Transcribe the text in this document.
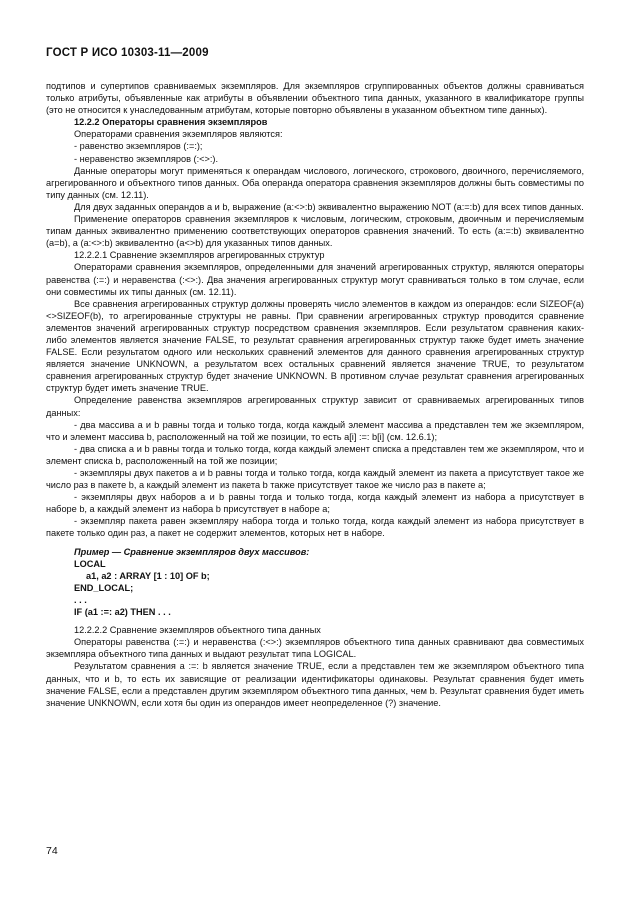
ГОСТ Р ИСО 10303-11—2009

подтипов и супертипов сравниваемых экземпляров. Для экземпляров сгруппированных объектов должны сравниваться только атрибуты, объявленные как атрибуты в объявлении объектного типа данных, указанного в квалификаторе группы (это не относится к унаследованным атрибутам, которые повторно объявлены в указанном объектном типе данных).

12.2.2 Операторы сравнения экземпляров

Операторами сравнения экземпляров являются:

- равенство экземпляров (:=:);

- неравенство экземпляров (:<>:).

Данные операторы могут применяться к операндам числового, логического, строкового, двоичного, перечисляемого, агрегированного и объектного типов данных. Оба операнда оператора сравнения экземпляров должны быть совместимы по типу данных (см. 12.11).

Для двух заданных операндов a и b, выражение (a:<>:b) эквивалентно выражению NOT (a:=:b) для всех типов данных.

Применение операторов сравнения экземпляров к числовым, логическим, строковым, двоичным и перечисляемым типам данных эквивалентно применению соответствующих операторов сравнения значений. То есть (a:=:b) эквивалентно (a=b), а (a:<>:b) эквивалентно (a<>b) для указанных типов данных.

12.2.2.1 Сравнение экземпляров агрегированных структур

Операторами сравнения экземпляров, определенными для значений агрегированных структур, являются операторы равенства (:=:) и неравенства (:<>:). Два значения агрегированных структур могут сравниваться только в том случае, если они совместимы их типы данных (см. 12.11).

Все сравнения агрегированных структур должны проверять число элементов в каждом из операндов: если SIZEOF(a)<>SIZEOF(b), то агрегированные структуры не равны. При сравнении агрегированных структур проводится сравнение элементов значений агрегированных структур посредством сравнения экземпляров. Если результатом сравнения каких-либо элементов является значение FALSE, то результат сравнения агрегированных структур также будет иметь значение FALSE. Если результатом одного или нескольких сравнений элементов для данного сравнения агрегированных структур является значение UNKNOWN, а результатом всех остальных сравнений является значение TRUE, то результатом сравнения агрегированных структур будет значение UNKNOWN. В противном случае результат сравнения агрегированных структур будет иметь значение TRUE.

Определение равенства экземпляров агрегированных структур зависит от сравниваемых агрегированных типов данных:

- два массива a и b равны тогда и только тогда, когда каждый элемент массива a представлен тем же экземпляром, что и элемент массива b, расположенный на той же позиции, то есть a[i] :=: b[i] (см. 12.6.1);

- два списка a и b равны тогда и только тогда, когда каждый элемент списка a представлен тем же экземпляром, что и элемент списка b, расположенный на той же позиции;

- экземпляры двух пакетов a и b равны тогда и только тогда, когда каждый элемент из пакета a присутствует такое же число раз в пакете b, а каждый элемент из пакета b также присутствует такое же число раз в пакете a;

- экземпляры двух наборов a и b равны тогда и только тогда, когда каждый элемент из набора a присутствует в наборе b, а каждый элемент из набора b присутствует в наборе a;

- экземпляр пакета равен экземпляру набора тогда и только тогда, когда каждый элемент из набора присутствует в пакете только один раз, а пакет не содержит элементов, которых нет в наборе.

Пример — Сравнение экземпляров двух массивов:

LOCAL

a1, a2 : ARRAY [1 : 10] OF b;

END_LOCAL;

. . .

IF (a1 :=: a2) THEN . . .

12.2.2.2 Сравнение экземпляров объектного типа данных

Операторы равенства (:=:) и неравенства (:<>:) экземпляров объектного типа данных сравнивают два совместимых экземпляра объектного типа данных и выдают результат типа LOGICAL.

Результатом сравнения a :=: b является значение TRUE, если a представлен тем же экземпляром объектного типа данных, что и b, то есть их зависящие от реализации идентификаторы одинаковы. Результат сравнения будет иметь значение FALSE, если a представлен другим экземпляром объектного типа данных, чем b. Результат сравнения будет иметь значение UNKNOWN, если хотя бы один из операндов имеет неопределенное (?) значение.

74
